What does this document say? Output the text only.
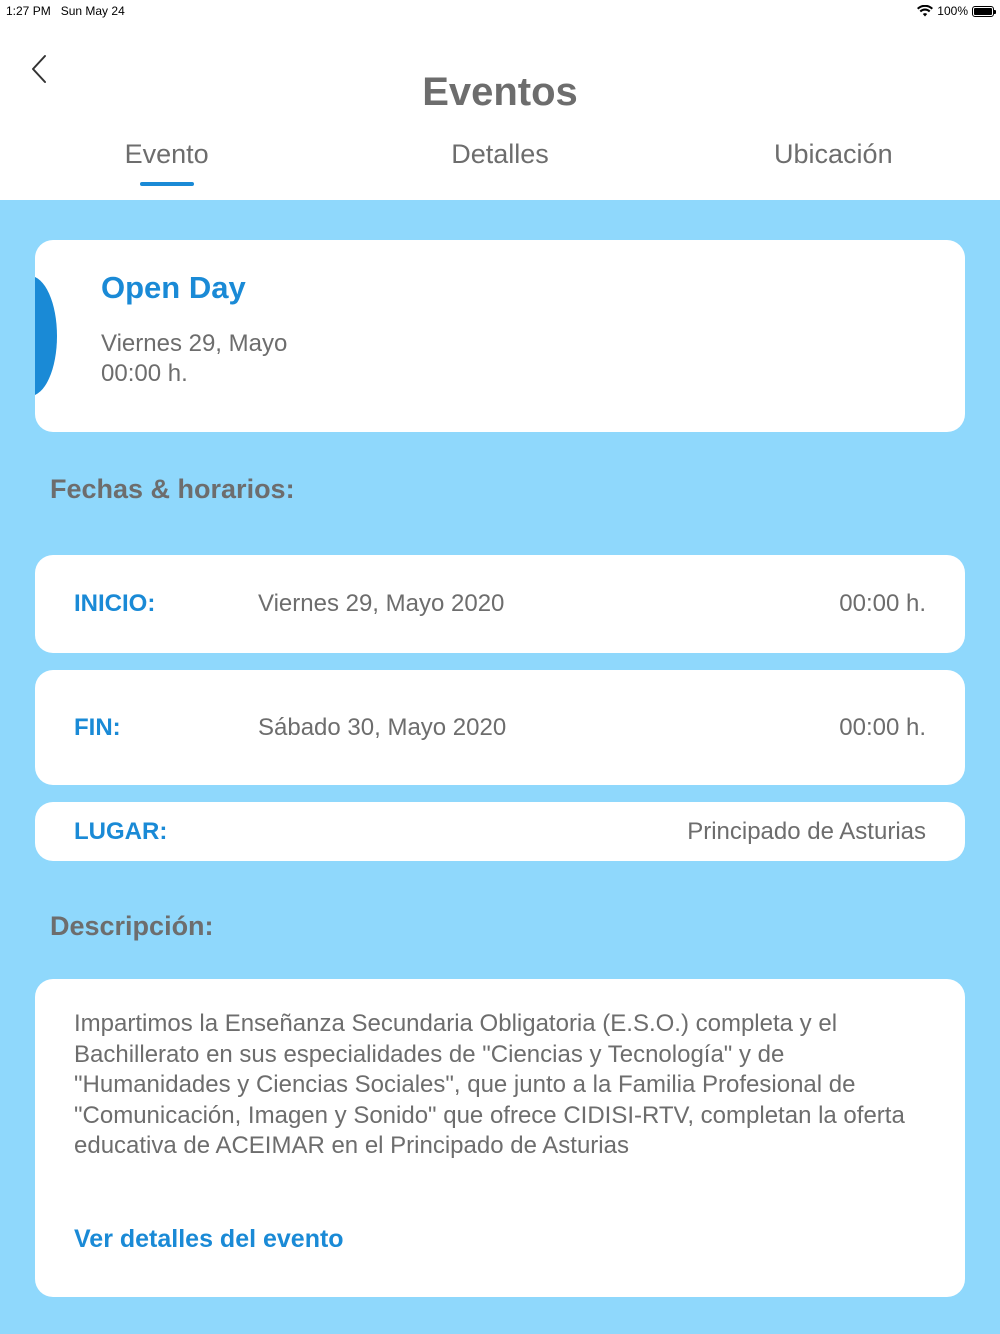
1:27 PM Sun May 24	100%
Eventos
Evento	Detalles	Ubicación
Open Day
Viernes 29, Mayo
00:00 h.
Fechas & horarios:
INICIO:	Viernes 29, Mayo 2020	00:00 h.
FIN:	Sábado 30, Mayo 2020	00:00 h.
LUGAR:	Principado de Asturias
Descripción:
Impartimos la Enseñanza Secundaria Obligatoria (E.S.O.) completa y el Bachillerato en sus especialidades de "Ciencias y Tecnología" y de "Humanidades y Ciencias Sociales", que junto a la Familia Profesional de "Comunicación, Imagen y Sonido" que ofrece CIDISI-RTV, completan la oferta educativa de ACEIMAR en el Principado de Asturias
Ver detalles del evento
